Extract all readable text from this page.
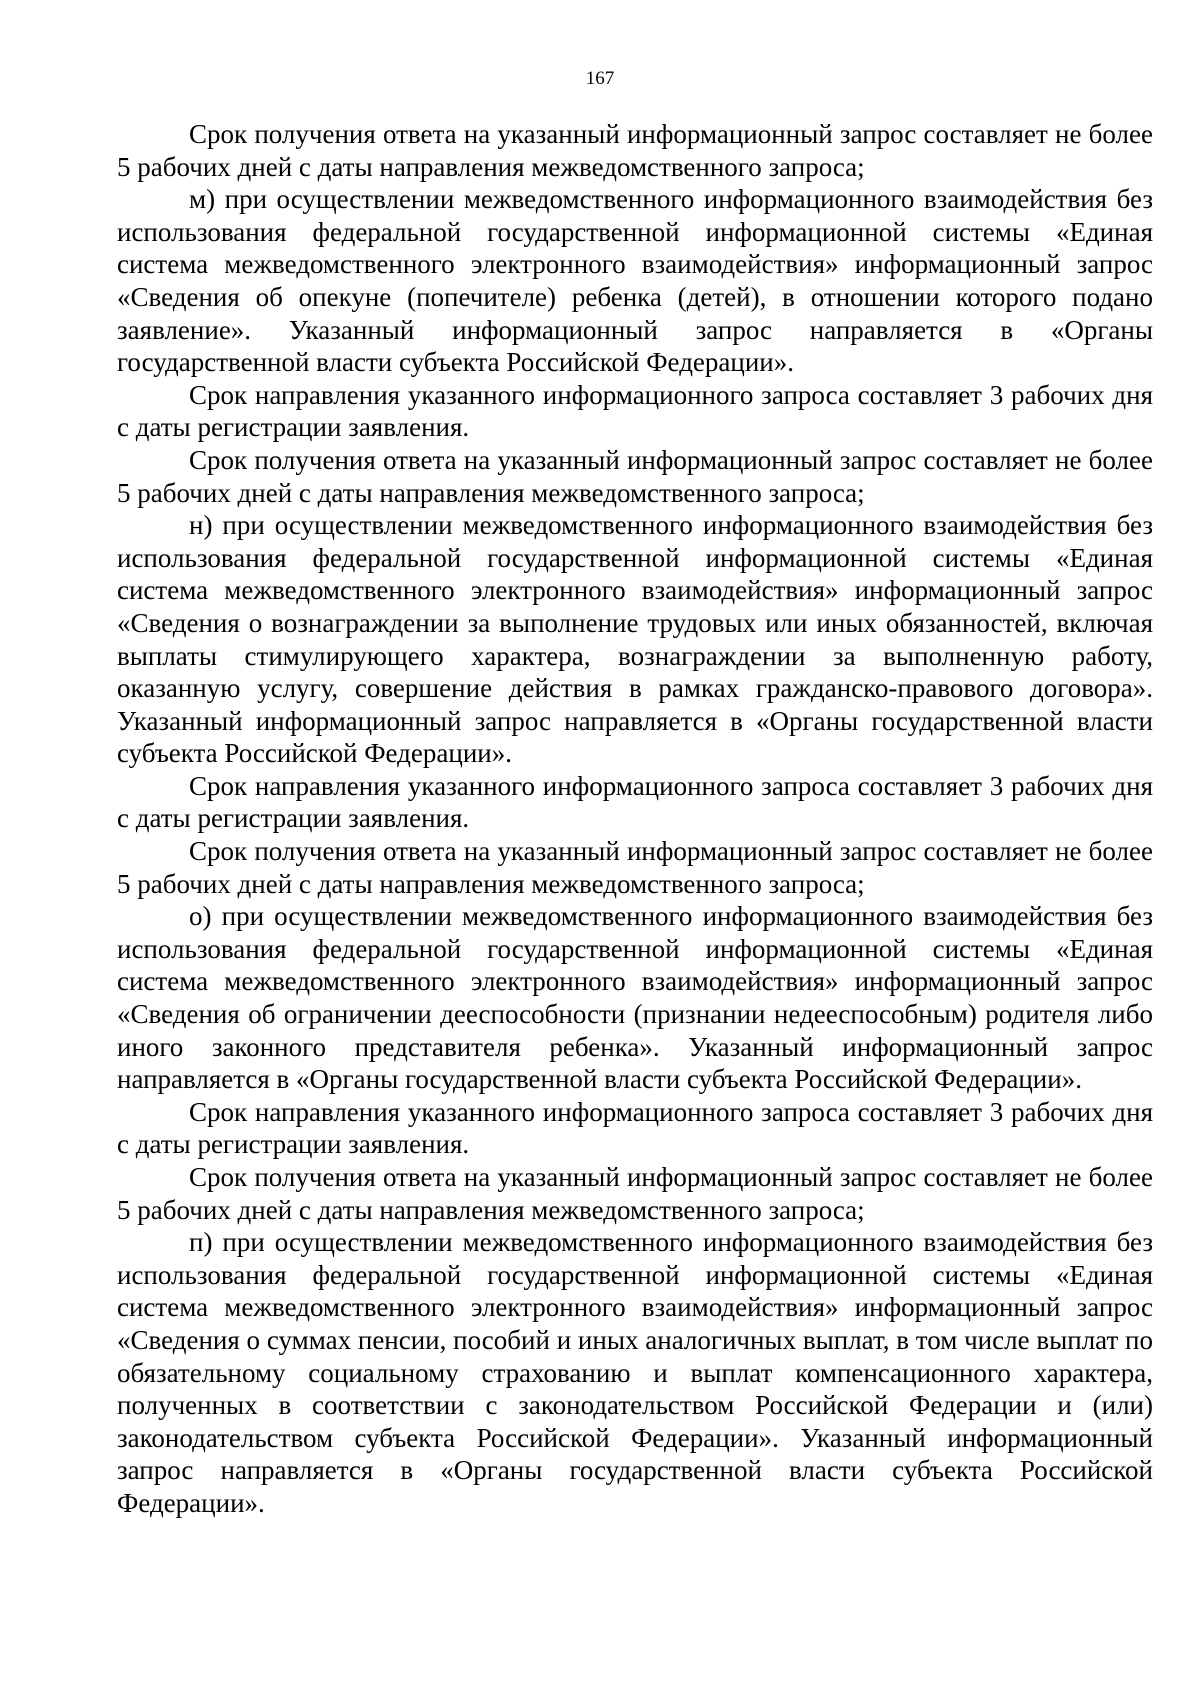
167

Срок получения ответа на указанный информационный запрос составляет не более 5 рабочих дней с даты направления межведомственного запроса;

м) при осуществлении межведомственного информационного взаимодействия без использования федеральной государственной информационной системы «Единая система межведомственного электронного взаимодействия» информационный запрос «Сведения об опекуне (попечителе) ребенка (детей), в отношении которого подано заявление». Указанный информационный запрос направляется в «Органы государственной власти субъекта Российской Федерации».

Срок направления указанного информационного запроса составляет 3 рабочих дня с даты регистрации заявления.

Срок получения ответа на указанный информационный запрос составляет не более 5 рабочих дней с даты направления межведомственного запроса;

н) при осуществлении межведомственного информационного взаимодействия без использования федеральной государственной информационной системы «Единая система межведомственного электронного взаимодействия» информационный запрос «Сведения о вознаграждении за выполнение трудовых или иных обязанностей, включая выплаты стимулирующего характера, вознаграждении за выполненную работу, оказанную услугу, совершение действия в рамках гражданско-правового договора». Указанный информационный запрос направляется в «Органы государственной власти субъекта Российской Федерации».

Срок направления указанного информационного запроса составляет 3 рабочих дня с даты регистрации заявления.

Срок получения ответа на указанный информационный запрос составляет не более 5 рабочих дней с даты направления межведомственного запроса;

о) при осуществлении межведомственного информационного взаимодействия без использования федеральной государственной информационной системы «Единая система межведомственного электронного взаимодействия» информационный запрос «Сведения об ограничении дееспособности (признании недееспособным) родителя либо иного законного представителя ребенка». Указанный информационный запрос направляется в «Органы государственной власти субъекта Российской Федерации».

Срок направления указанного информационного запроса составляет 3 рабочих дня с даты регистрации заявления.

Срок получения ответа на указанный информационный запрос составляет не более 5 рабочих дней с даты направления межведомственного запроса;

п) при осуществлении межведомственного информационного взаимодействия без использования федеральной государственной информационной системы «Единая система межведомственного электронного взаимодействия» информационный запрос «Сведения о суммах пенсии, пособий и иных аналогичных выплат, в том числе выплат по обязательному социальному страхованию и выплат компенсационного характера, полученных в соответствии с законодательством Российской Федерации и (или) законодательством субъекта Российской Федерации». Указанный информационный запрос направляется в «Органы государственной власти субъекта Российской Федерации».
